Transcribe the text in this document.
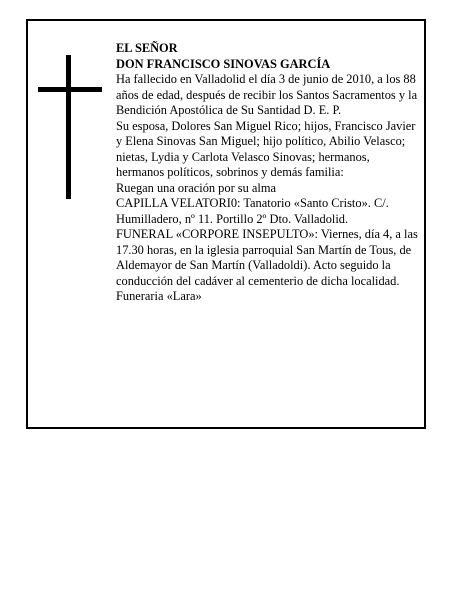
EL SEÑOR

DON FRANCISCO SINOVAS GARCÍA

Ha fallecido en Valladolid el día 3 de junio de 2010, a los 88 años de edad, después de recibir los Santos Sacramentos y la Bendición Apostólica de Su Santidad D. E. P.

Su esposa, Dolores San Miguel Rico; hijos, Francisco Javier y Elena Sinovas San Miguel; hijo político, Abilio Velasco; nietas, Lydia y Carlota Velasco Sinovas; hermanos, hermanos políticos, sobrinos y demás familia:

Ruegan una oración por su alma

CAPILLA VELATORI0: Tanatorio «Santo Cristo». C/. Humilladero, nº 11. Portillo 2º Dto. Valladolid.

FUNERAL «CORPORE INSEPULTO»: Viernes, día 4, a las 17.30 horas, en la iglesia parroquial San Martín de Tous, de Aldemayor de San Martín (Valladoldi). Acto seguido la conducción del cadáver al cementerio de dicha localidad.

Funeraria «Lara»
